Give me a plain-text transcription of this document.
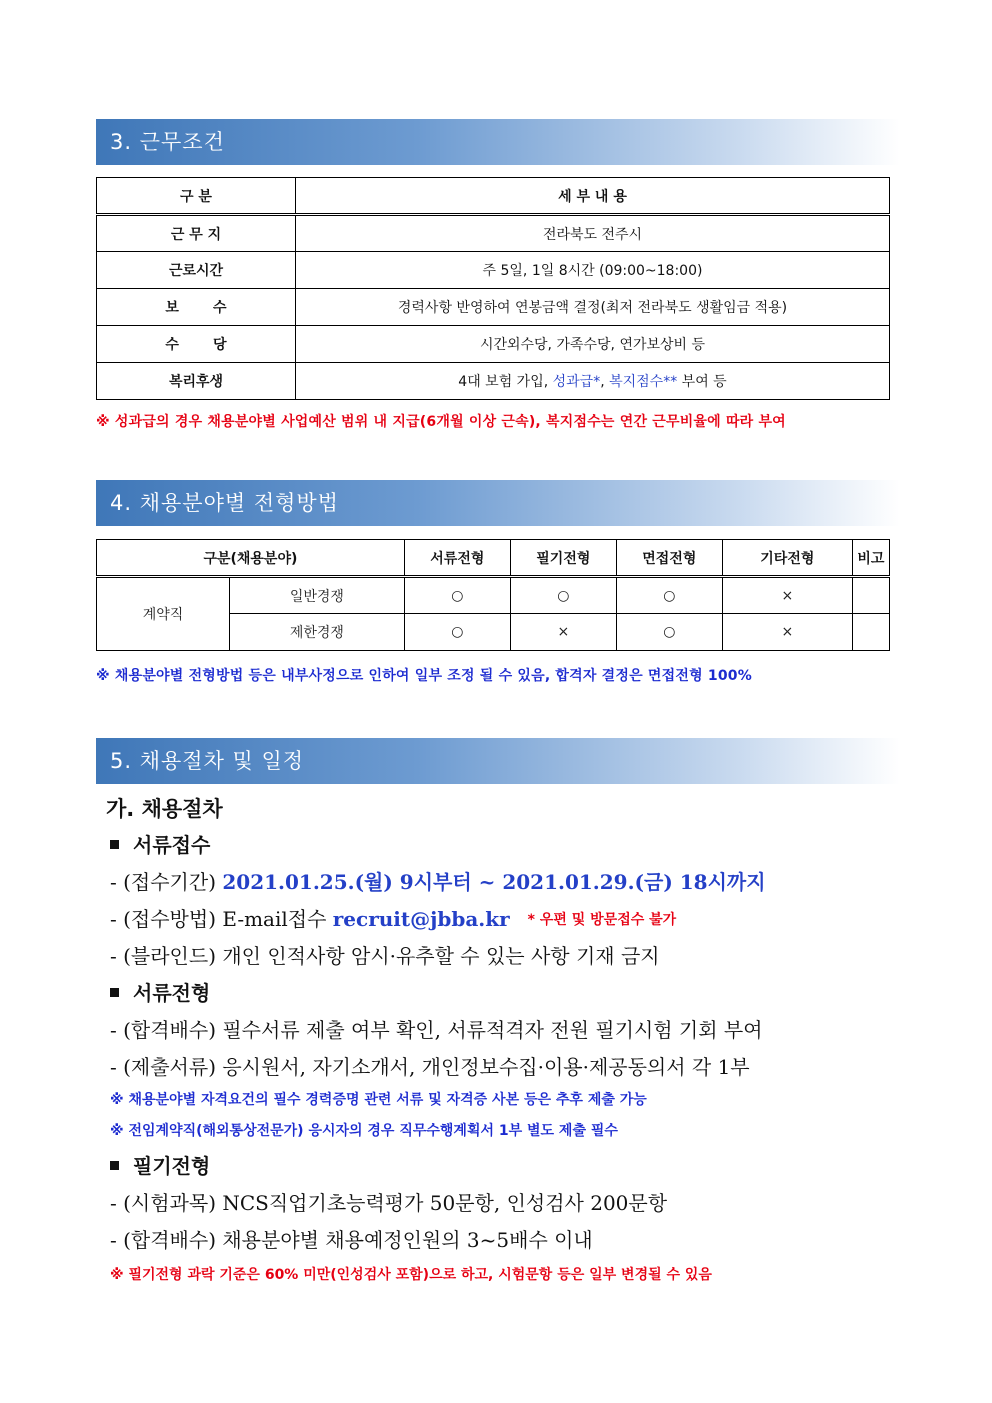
3. 근무조건
구 분	세 부 내 용
근 무 지	전라북도 전주시
근로시간	주 5일, 1일 8시간 (09:00~18:00)
보       수	경력사항 반영하여 연봉금액 결정(최저 전라북도 생활임금 적용)
수       당	시간외수당, 가족수당, 연가보상비 등
복리후생	4대 보험 가입, 성과급*, 복지점수** 부여 등
※ 성과급의 경우 채용분야별 사업예산 범위 내 지급(6개월 이상 근속), 복지점수는 연간 근무비율에 따라 부여
4. 채용분야별 전형방법
구분(채용분야)		서류전형	필기전형	면접전형	기타전형	비고
계약직	일반경쟁	○	○	○	×	
	제한경쟁	○	×	○	×	
※ 채용분야별 전형방법 등은 내부사정으로 인하여 일부 조정 될 수 있음, 합격자 결정은 면접전형 100%
5. 채용절차 및 일정
가. 채용절차
서류접수
- (접수기간) 2021.01.25.(월) 9시부터 ~ 2021.01.29.(금) 18시까지
- (접수방법) E-mail접수 recruit@jbba.kr * 우편 및 방문접수 불가
- (블라인드) 개인 인적사항 암시·유추할 수 있는 사항 기재 금지
서류전형
- (합격배수) 필수서류 제출 여부 확인, 서류적격자 전원 필기시험 기회 부여
- (제출서류) 응시원서, 자기소개서, 개인정보수집·이용·제공동의서 각 1부
※ 채용분야별 자격요건의 필수 경력증명 관련 서류 및 자격증 사본 등은 추후 제출 가능
※ 전임계약직(해외통상전문가) 응시자의 경우 직무수행계획서 1부 별도 제출 필수
필기전형
- (시험과목) NCS직업기초능력평가 50문항, 인성검사 200문항
- (합격배수) 채용분야별 채용예정인원의 3~5배수 이내
※ 필기전형 과락 기준은 60% 미만(인성검사 포함)으로 하고, 시험문항 등은 일부 변경될 수 있음
